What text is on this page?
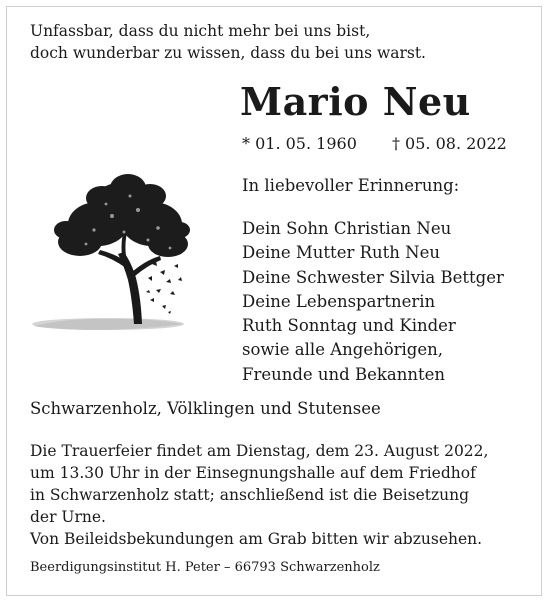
Unfassbar, dass du nicht mehr bei uns bist,
doch wunderbar zu wissen, dass du bei uns warst.
Mario Neu
* 01. 05. 1960 † 05. 08. 2022
In liebevoller Erinnerung:
Dein Sohn Christian Neu
Deine Mutter Ruth Neu
Deine Schwester Silvia Bettger
Deine Lebenspartnerin
Ruth Sonntag und Kinder
sowie alle Angehörigen,
Freunde und Bekannten
Schwarzenholz, Völklingen und Stutensee
Die Trauerfeier findet am Dienstag, dem 23. August 2022,
um 13.30 Uhr in der Einsegnungshalle auf dem Friedhof
in Schwarzenholz statt; anschließend ist die Beisetzung
der Urne.
Von Beileidsbekundungen am Grab bitten wir abzusehen.
Beerdigungsinstitut H. Peter – 66793 Schwarzenholz
